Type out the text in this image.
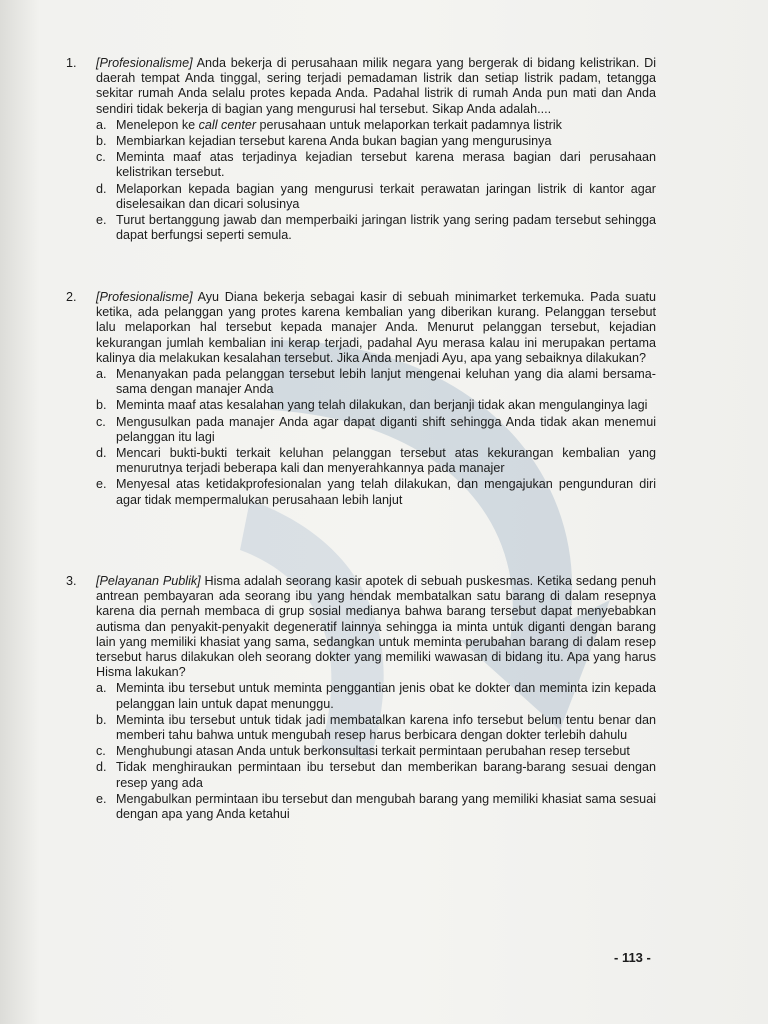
1.	[Profesionalisme] Anda bekerja di perusahaan milik negara yang bergerak di bidang kelistrikan. Di daerah tempat Anda tinggal, sering terjadi pemadaman listrik dan setiap listrik padam, tetangga sekitar rumah Anda selalu protes kepada Anda. Padahal listrik di rumah Anda pun mati dan Anda sendiri tidak bekerja di bagian yang mengurusi hal tersebut. Sikap Anda adalah....
a. Menelepon ke call center perusahaan untuk melaporkan terkait padamnya listrik
b. Membiarkan kejadian tersebut karena Anda bukan bagian yang mengurusinya
c. Meminta maaf atas terjadinya kejadian tersebut karena merasa bagian dari perusahaan kelistrikan tersebut.
d. Melaporkan kepada bagian yang mengurusi terkait perawatan jaringan listrik di kantor agar diselesaikan dan dicari solusinya
e. Turut bertanggung jawab dan memperbaiki jaringan listrik yang sering padam tersebut sehingga dapat berfungsi seperti semula.
2.	[Profesionalisme] Ayu Diana bekerja sebagai kasir di sebuah minimarket terkemuka. Pada suatu ketika, ada pelanggan yang protes karena kembalian yang diberikan kurang. Pelanggan tersebut lalu melaporkan hal tersebut kepada manajer Anda. Menurut pelanggan tersebut, kejadian kekurangan jumlah kembalian ini kerap terjadi, padahal Ayu merasa kalau ini merupakan pertama kalinya dia melakukan kesalahan tersebut. Jika Anda menjadi Ayu, apa yang sebaiknya dilakukan?
a. Menanyakan pada pelanggan tersebut lebih lanjut mengenai keluhan yang dia alami bersama-sama dengan manajer Anda
b. Meminta maaf atas kesalahan yang telah dilakukan, dan berjanji tidak akan mengulanginya lagi
c. Mengusulkan pada manajer Anda agar dapat diganti shift sehingga Anda tidak akan menemui pelanggan itu lagi
d. Mencari bukti-bukti terkait keluhan pelanggan tersebut atas kekurangan kembalian yang menurutnya terjadi beberapa kali dan menyerahkannya pada manajer
e. Menyesal atas ketidakprofesionalan yang telah dilakukan, dan mengajukan pengunduran diri agar tidak mempermalukan perusahaan lebih lanjut
3.	[Pelayanan Publik] Hisma adalah seorang kasir apotek di sebuah puskesmas. Ketika sedang penuh antrean pembayaran ada seorang ibu yang hendak membatalkan satu barang di dalam resepnya karena dia pernah membaca di grup sosial medianya bahwa barang tersebut dapat menyebabkan autisma dan penyakit-penyakit degeneratif lainnya sehingga ia minta untuk diganti dengan barang lain yang memiliki khasiat yang sama, sedangkan untuk meminta perubahan barang di dalam resep tersebut harus dilakukan oleh seorang dokter yang memiliki wawasan di bidang itu. Apa yang harus Hisma lakukan?
a. Meminta ibu tersebut untuk meminta penggantian jenis obat ke dokter dan meminta izin kepada pelanggan lain untuk dapat menunggu.
b. Meminta ibu tersebut untuk tidak jadi membatalkan karena info tersebut belum tentu benar dan memberi tahu bahwa untuk mengubah resep harus berbicara dengan dokter terlebih dahulu
c. Menghubungi atasan Anda untuk berkonsultasi terkait permintaan perubahan resep tersebut
d. Tidak menghiraukan permintaan ibu tersebut dan memberikan barang-barang sesuai dengan resep yang ada
e. Mengabulkan permintaan ibu tersebut dan mengubah barang yang memiliki khasiat sama sesuai dengan apa yang Anda ketahui
- 113 -
